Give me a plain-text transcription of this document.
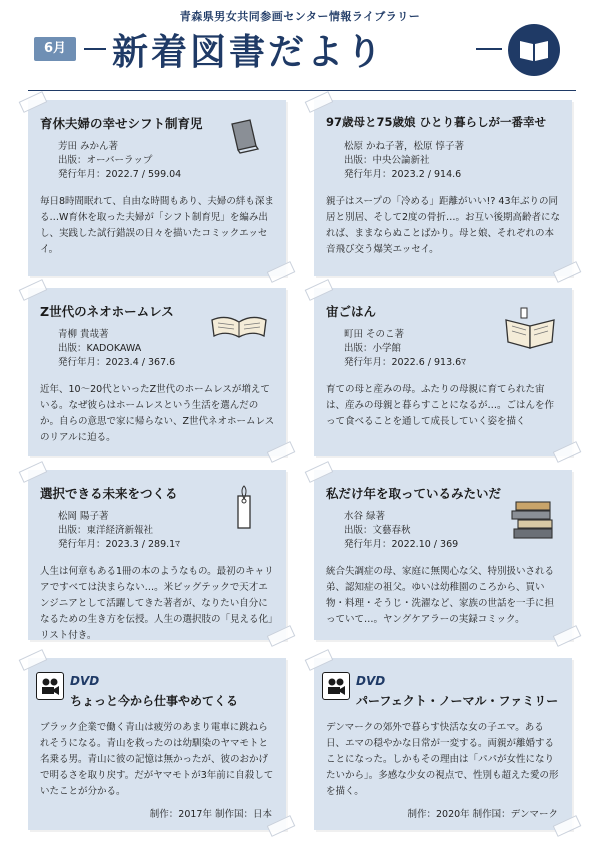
青森県男女共同参画センター情報ライブラリー
6月 新着図書だより
育休夫婦の幸せシフト制育児
芳田 みかん著
出版：オーバーラップ
発行年月：2022.7 / 599.04
毎日8時間眠れて、自由な時間もあり、夫婦の絆も深まる…W育休を取った夫婦が「シフト制育児」を編み出し、実践した試行錯誤の日々を描いたコミックエッセイ。
97歳母と75歳娘 ひとり暮らしが一番幸せ
松原 かね子著，松原 惇子著
出版：中央公論新社
発行年月：2023.2 / 914.6
親子はスープの「冷める」距離がいい!? 43年ぶりの同居と別居、そして2度の骨折…。お互い後期高齢者になれば、ままならぬことばかり。母と娘、それぞれの本音飛び交う爆笑エッセイ。
Z世代のネオホームレス
青柳 貴哉著
出版：KADOKAWA
発行年月：2023.4 / 367.6
近年、10～20代といったZ世代のホームレスが増えている。なぜ彼らはホームレスという生活を選んだのか。自らの意思で家に帰らない、Z世代ネオホームレスのリアルに迫る。
宙ごはん
町田 そのこ著
出版：小学館
発行年月：2022.6 / 913.6ﾏ
育ての母と産みの母。ふたりの母親に育てられた宙は、産みの母親と暮らすことになるが…。ごはんを作って食べることを通して成長していく姿を描く
選択できる未来をつくる
松岡 陽子著
出版：東洋経済新報社
発行年月：2023.3 / 289.1ﾏ
人生は何章もある1冊の本のようなもの。最初のキャリアですべては決まらない…。米ビッグテックで天才エンジニアとして活躍してきた著者が、なりたい自分になるための生き方を伝授。人生の選択肢の「見える化」リスト付き。
私だけ年を取っているみたいだ
水谷 緑著
出版：文藝春秋
発行年月：2022.10 / 369
統合失調症の母、家庭に無関心な父、特別扱いされる弟、認知症の祖父。ゆいは幼稚園のころから、買い物・料理・そうじ・洗濯など、家族の世話を一手に担っていて…。ヤングケアラーの実録コミック。
DVD
ちょっと今から仕事やめてくる
ブラック企業で働く青山は疲労のあまり電車に跳ねられそうになる。青山を救ったのは幼馴染のヤマモトと名乗る男。青山に彼の記憶は無かったが、彼のおかげで明るさを取り戻す。だがヤマモトが3年前に自殺していたことが分かる。
制作：2017年 制作国：日本
DVD
パーフェクト・ノーマル・ファミリー
デンマークの郊外で暮らす快活な女の子エマ。ある日、エマの穏やかな日常が一変する。両親が離婚することになった。しかもその理由は「パパが女性になりたいから」。多感な少女の視点で、性別も超えた愛の形を描く。
制作：2020年 制作国：デンマーク
